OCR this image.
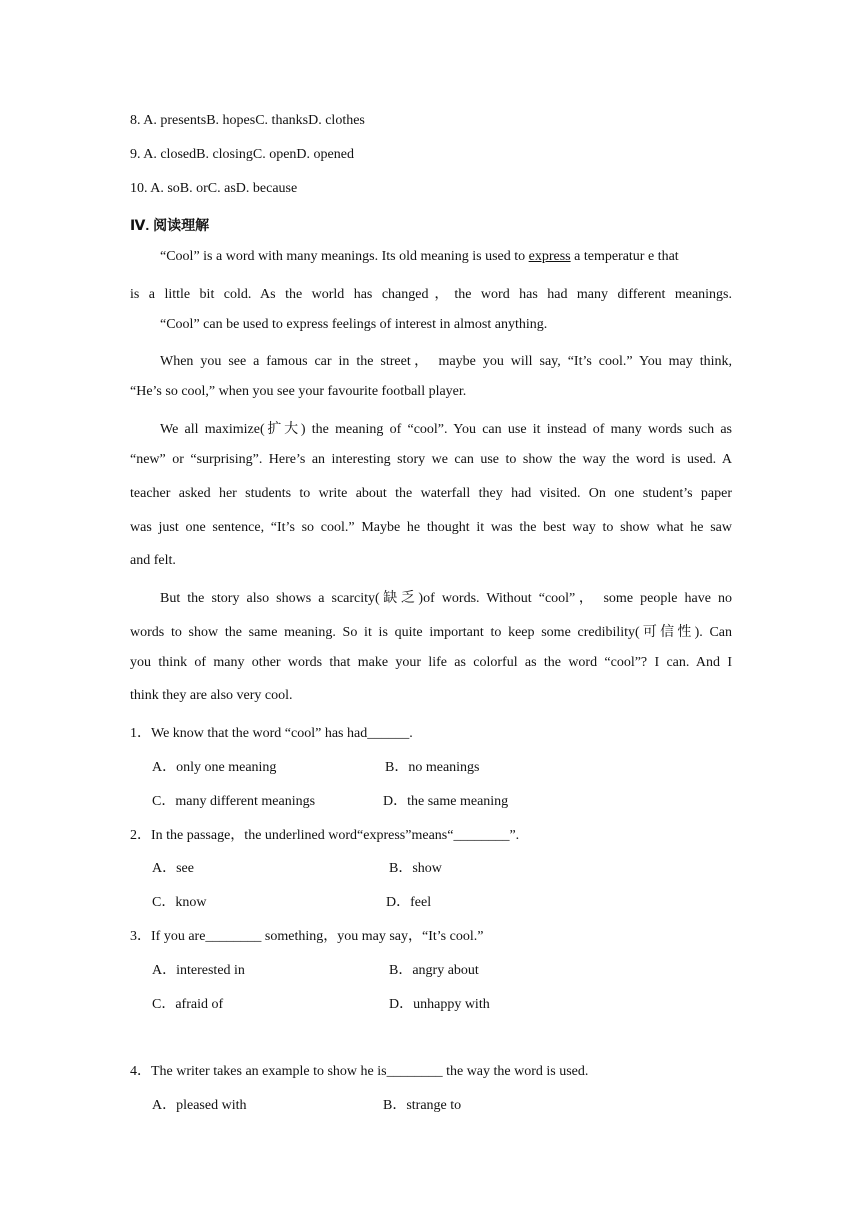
8. A. presentsB. hopesC. thanksD. clothes
9. A. closedB. closingC. openD. opened
10. A. soB. orC. asD. because
Ⅳ. 阅读理解
“Cool” is a word with many meanings. Its old meaning is used to express a temperatur e that
is a little bit cold. As the world has changed，the word has had many different meanings.
“Cool” can be used to express feelings of interest in almost anything.
When you see a famous car in the street， maybe you will say, “It’s cool.” You may think,
“He’s so cool,” when you see your favourite football player.
We all maximize(扩大) the meaning of “cool”. You can use it instead of many words such as
“new” or “surprising”. Here’s an interesting story we can use to show the way the word is used. A
teacher asked her students to write about the waterfall they had visited. On one student’s paper
was just one sentence, “It’s so cool.” Maybe he thought it was the best way to show what he saw
and felt.
But the story also shows a scarcity(缺乏)of words. Without “cool”， some people have no
words to show the same meaning. So it is quite important to keep some credibility(可信性). Can
you think of many other words that make your life as colorful as the word “cool”? I can. And I
think they are also very cool.
1．We know that the word “cool” has had______.
A．only one meaning	B．no meanings
C．many different meanings	D．the same meaning
2．In the passage，the underlined word“express”means“________”.
A．see	B．show
C．know	D．feel
3．If you are________ something，you may say，“It’s cool.”
A．interested in	B．angry about
C．afraid of	D．unhappy with
4．The writer takes an example to show he is________ the way the word is used.
A．pleased with	B．strange to
